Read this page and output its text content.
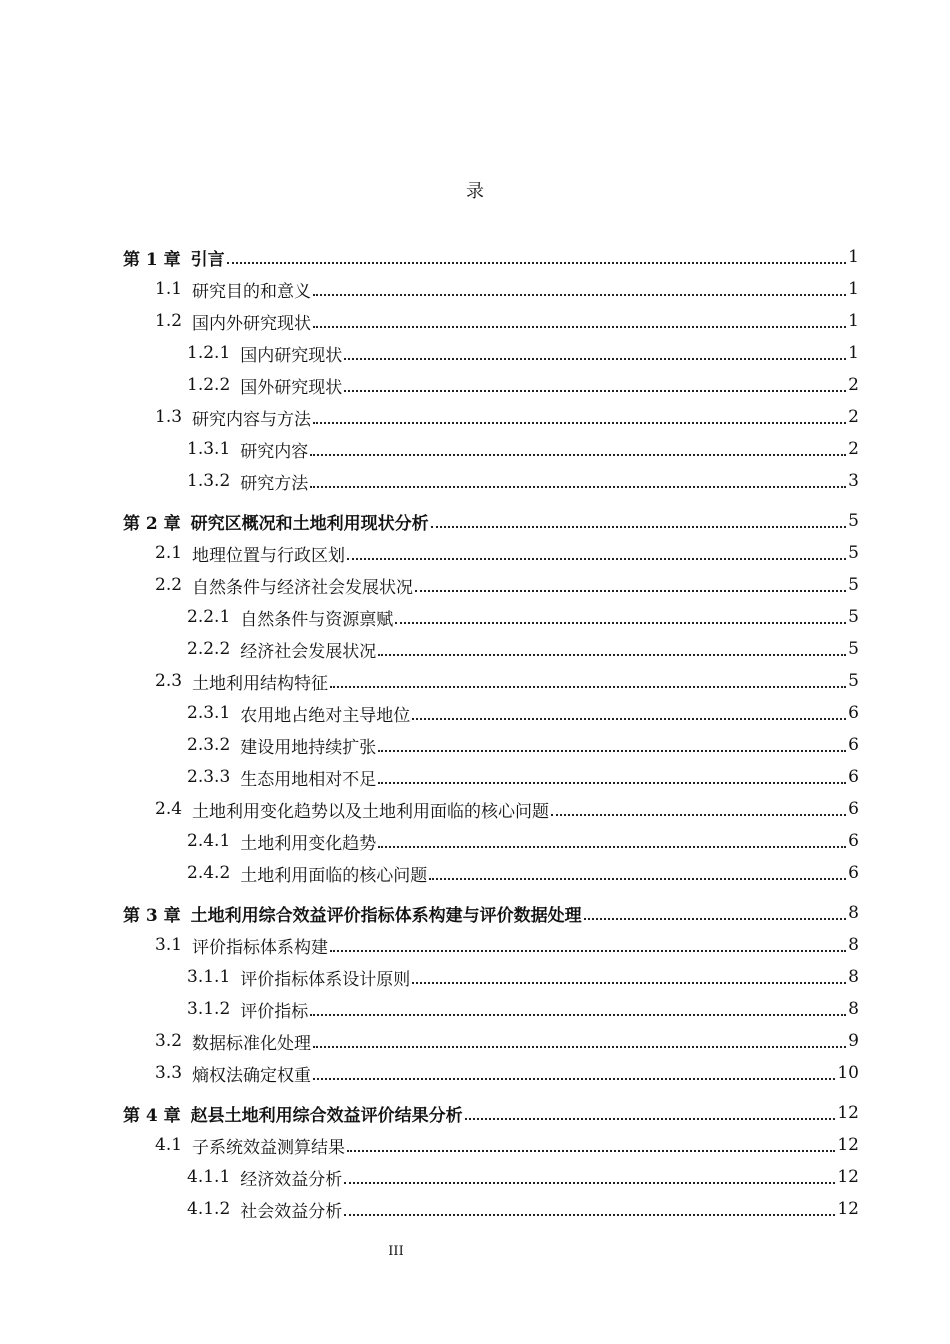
录
第 1 章 引言	1
1.1 研究目的和意义	1
1.2 国内外研究现状	1
1.2.1 国内研究现状	1
1.2.2 国外研究现状	2
1.3 研究内容与方法	2
1.3.1 研究内容	2
1.3.2 研究方法	3
第 2 章 研究区概况和土地利用现状分析	5
2.1 地理位置与行政区划	5
2.2 自然条件与经济社会发展状况	5
2.2.1 自然条件与资源禀赋	5
2.2.2 经济社会发展状况	5
2.3 土地利用结构特征	5
2.3.1 农用地占绝对主导地位	6
2.3.2 建设用地持续扩张	6
2.3.3 生态用地相对不足	6
2.4 土地利用变化趋势以及土地利用面临的核心问题	6
2.4.1 土地利用变化趋势	6
2.4.2 土地利用面临的核心问题	6
第 3 章 土地利用综合效益评价指标体系构建与评价数据处理	8
3.1 评价指标体系构建	8
3.1.1 评价指标体系设计原则	8
3.1.2 评价指标	8
3.2 数据标准化处理	9
3.3 熵权法确定权重	10
第 4 章 赵县土地利用综合效益评价结果分析	12
4.1 子系统效益测算结果	12
4.1.1 经济效益分析	12
4.1.2 社会效益分析	12
III
